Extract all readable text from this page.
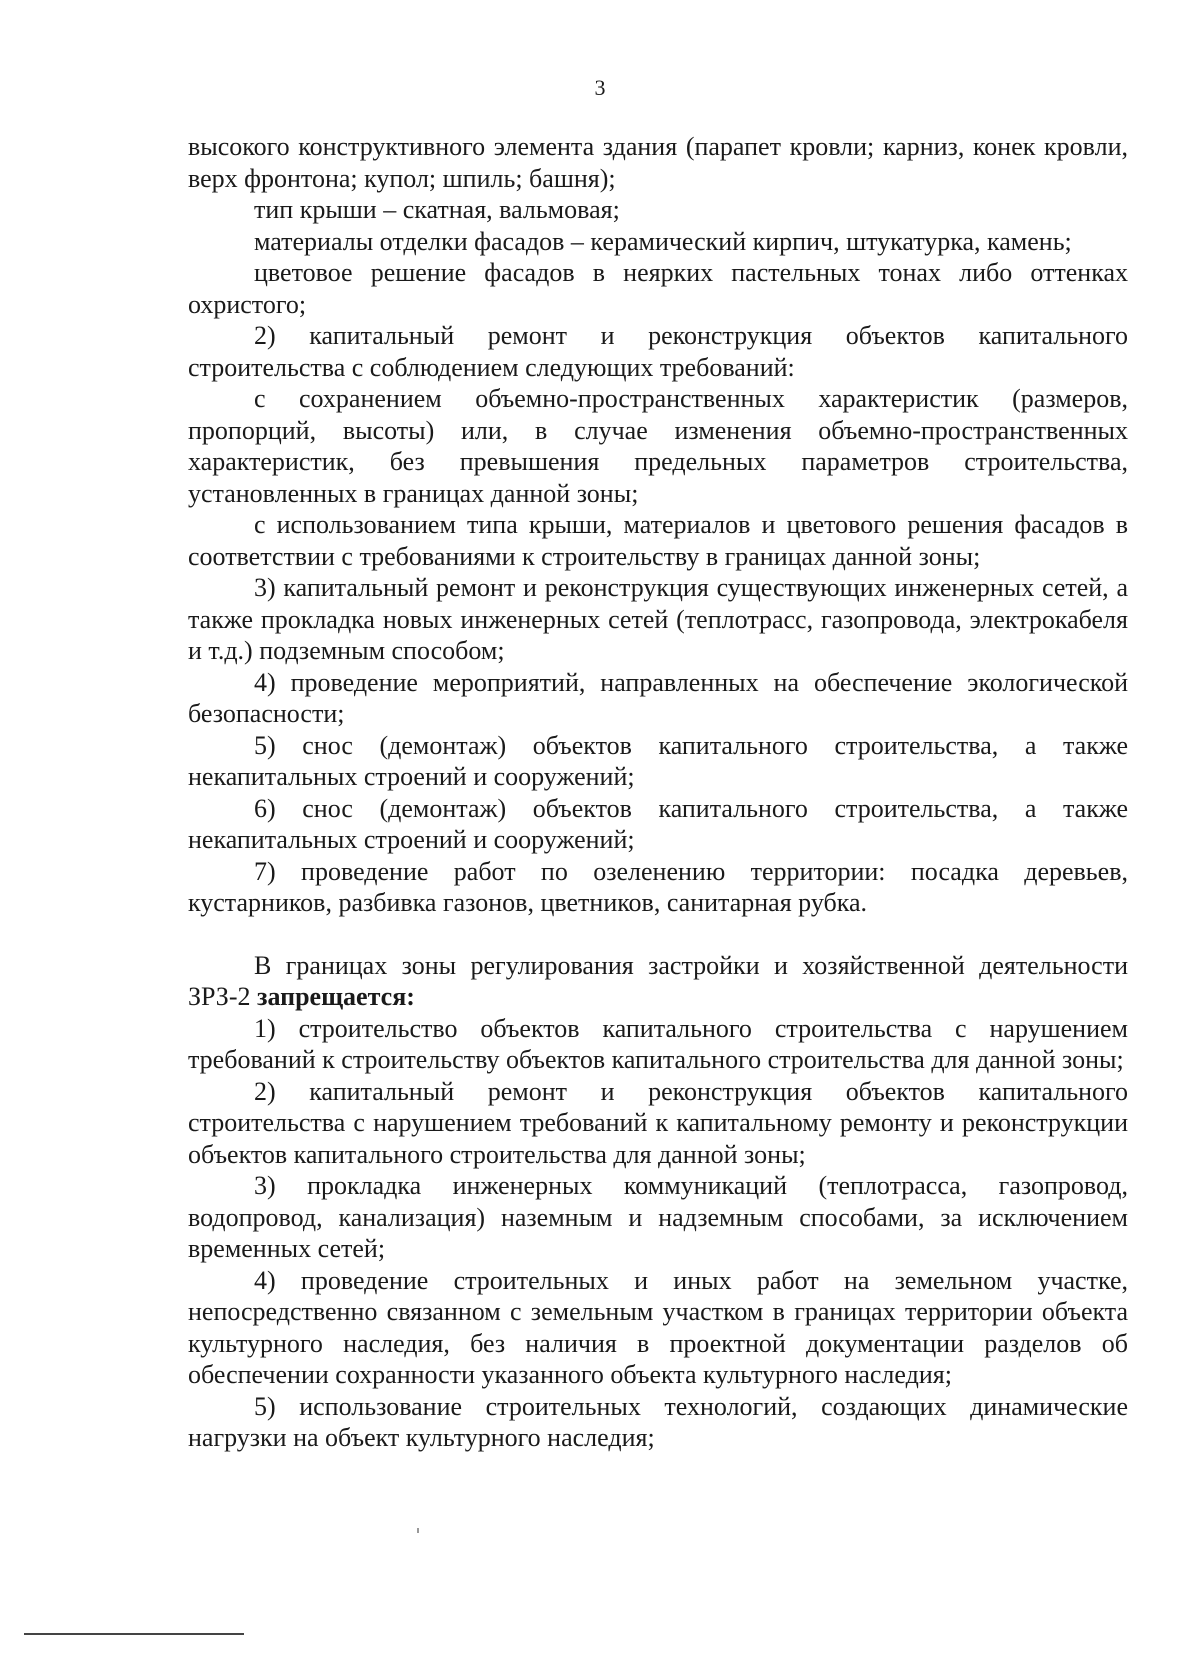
3

высокого конструктивного элемента здания (парапет кровли; карниз, конек кровли, верх фронтона; купол; шпиль; башня);

тип крыши – скатная, вальмовая;

материалы отделки фасадов – керамический кирпич, штукатурка, камень;

цветовое решение фасадов в неярких пастельных тонах либо оттенках охристого;

2) капитальный ремонт и реконструкция объектов капитального строительства с соблюдением следующих требований:

с сохранением объемно-пространственных характеристик (размеров, пропорций, высоты) или, в случае изменения объемно-пространственных характеристик, без превышения предельных параметров строительства, установленных в границах данной зоны;

с использованием типа крыши, материалов и цветового решения фасадов в соответствии с требованиями к строительству в границах данной зоны;

3) капитальный ремонт и реконструкция существующих инженерных сетей, а также прокладка новых инженерных сетей (теплотрасс, газопровода, электрокабеля и т.д.) подземным способом;

4) проведение мероприятий, направленных на обеспечение экологической безопасности;

5) снос (демонтаж) объектов капитального строительства, а также некапитальных строений и сооружений;

6) снос (демонтаж) объектов капитального строительства, а также некапитальных строений и сооружений;

7) проведение работ по озеленению территории: посадка деревьев, кустарников, разбивка газонов, цветников, санитарная рубка.

В границах зоны регулирования застройки и хозяйственной деятельности ЗРЗ-2 запрещается:

1) строительство объектов капитального строительства с нарушением требований к строительству объектов капитального строительства для данной зоны;

2) капитальный ремонт и реконструкция объектов капитального строительства с нарушением требований к капитальному ремонту и реконструкции объектов капитального строительства для данной зоны;

3) прокладка инженерных коммуникаций (теплотрасса, газопровод, водопровод, канализация) наземным и надземным способами, за исключением временных сетей;

4) проведение строительных и иных работ на земельном участке, непосредственно связанном с земельным участком в границах территории объекта культурного наследия, без наличия в проектной документации разделов об обеспечении сохранности указанного объекта культурного наследия;

5) использование строительных технологий, создающих динамические нагрузки на объект культурного наследия;
